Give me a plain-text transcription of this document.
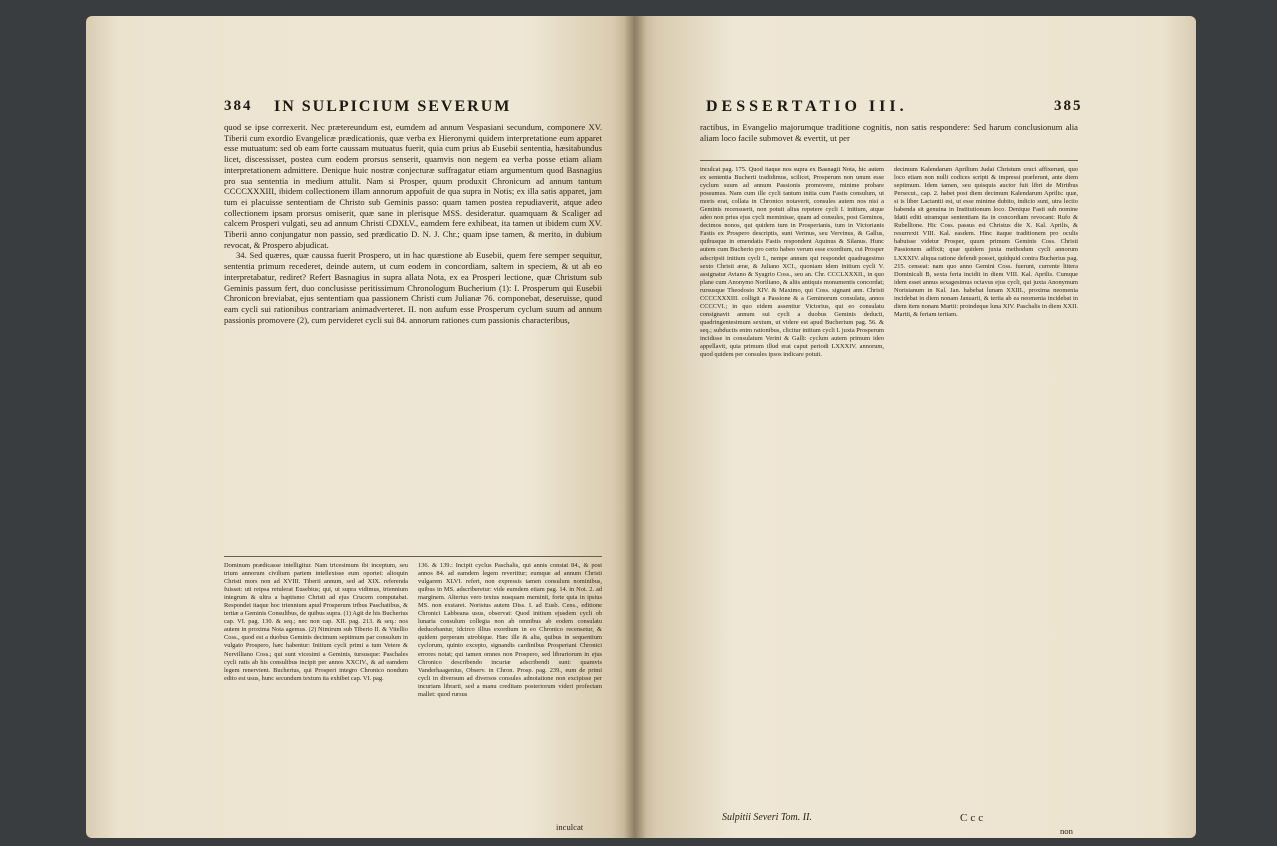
384 IN SULPICIUM SEVERUM

quod se ipse correxerit. Nec prætereundum est, eumdem ad annum Vespasiani secundum, componere XV. Tiberii cum exordio Evangelicæ prædicationis, quæ verba ex Hieronymi quidem interpretatione eum apparet esse mutuatum: sed ob eam forte caussam mutuatus fuerit, quia cum prius ab Eusebii sententia, hæsitabundus licet, discessisset, postea cum eodem prorsus senserit, quamvis non negem ea verba posse etiam aliam interpretationem admittere. Denique huic nostræ conjecturæ suffragatur etiam argumentum quod Basnagius pro sua sententia in medium attulit. Nam si Prosper, quum produxit Chronicum ad annum tantum CCCCXXXIII, ibidem collectionem illam annorum appofuit de qua supra in Notis; ex illa satis apparet, jam tum ei placuisse sententiam de Christo sub Geminis passo: quam tamen postea repudiaverit, atque adeo collectionem ipsam prorsus omiserit, quæ sane in plerisque MSS. desideratur. quamquam & Scaliger ad calcem Prosperi vulgati, seu ad annum Christi CDXLV., eamdem fere exhibeat, ita tamen ut ibidem cum XV. Tiberii anno conjungatur non passio, sed prædicatio D. N. J. Chr.; quam ipse tamen, & merito, in dubium revocat, & Prospero abjudicat.

34. Sed quæres, quæ caussa fuerit Prospero, ut in hac quæstione ab Eusebii, quem fere semper sequitur, sententia primum recederet, deinde autem, ut cum eodem in concordiam, saltem in speciem, & ut ab eo interpretabatur, rediret? Refert Basnagius in supra allata Nota, ex ea Prosperi lectione, quæ Christum sub Geminis passum fert, duo conclusisse peritissimum Chronologum Bucherium (1): I. Prosperum qui Eusebii Chronicon breviabat, ejus sententiam qua passionem Christi cum Julianæ 76. componebat, deseruisse, quod eam cycli sui rationibus contrariam animadverteret. II. non aufum esse Prosperum cyclum suum ad annum passionis promovere (2), cum pervideret cycli sui 84. annorum rationes cum passionis characteribus,

Dominum prædicasse intelligitur. Nam tricesimum ibi inceptum, seu trium annorum civilium partem intellexisse eum oportet: alioquin Christi mors non ad XVIII. Tiberii annum, sed ad XIX. referenda fuisset: uti reipsa retulerat Eusebius; qui, ut supra vidimus, triennium integrum & ultra a baptismo Christi ad ejus Crucem computabat. Respondet itaque hoc triennium apud Prosperum tribus Paschatibus, & tertiæ a Geminis Consulibus, de quibus supra. (1) Agit de his Bucherius cap. VI. pag. 130. & seq.; nec non cap. XII. pag. 213. & seq.: nos autem in proxima Nota agemus. (2) Nimirum sub Tiberio II. & Vitellio Coss., quod est a duobus Geminis decimum septimum par consulum in vulgato Prospero, hæc habentur: Initium cycli primi a tum Vetere & Nervilliano Coss.; qui sunt vicesimi a Geminis, tursusque: Paschales cycli ratis ab his consulibus incipit per annos XXCIV., & ad eamdem legem renervient. Bucherius, qui Prosperi integro Chronico nondum edito est usus, hunc secundum textum ita exhibet cap. VI. pag.
136. & 139.: Incipit cyclus Paschalis, qui annis constat 84., & post annos 84. ad eamdem legem revertitur; eumque ad annum Christi vulgarem XLVI. refert, non expressis tamen consulum nominibus, quibus in MS. adscriberetur: vide eumdem etiam pag. 14. in Not. 2. ad marginem. Alterius vero textus nusquam meminit, forte quia in ipsius MS. non exstaret. Noristus autem Diss. I. ad Eusb. Cens., editione Chronici Labbeana usus, observat: Quod initium ejusdem cycli ob lunaria consulum collegia non ab omnibus ab eodem consulatu deducebantur, idcirco illius exordium in eo Chronico recensetur, & quidem perperam utrobique. Hæc ille & alia, quibus in sequentium cyclorum, quinto excepto, signandis cardinibus Prosperiani Chronici errores notat; qui tamen omnes non Prospero, sed librariorum in ejus Chronico describendo incuriæ adscribendi sunt: quamvis Vanderhaagenius, Observ. in Chron. Prosp. pag. 239., eum de primi cycli in diversum ad diversos consules adnotatione non excipisse per incuriam librarii, sed a manu creditam posteriorum videri profectam mallet: quod rursus
inculcat
DESSERTATIO III.	385

ractibus, in Evangelio majorumque traditione cognitis, non satis respondere: Sed harum conclusionum alia aliam loco facile submovet & evertit, ut per

inculcat pag. 175. Quod itaque nos supra ex Basnagii Nota, hic autem ex sententia Bucherii tradidimus, scilicet, Prosperum non unum esse cyclum suum ad annum Passionis promovere, minime probare possumus. Nam cum ille cycli tantum initia cum Fastis consulum, ut moris erat, collata in Chronico notaverit, consules autem nos nisi a Geminis recensuerit, non potuit alius repetere cycli I. initium, atque adeo non prius ejus cycli meminisse, quam ad consules, post Geminos, decimos nonos, qui quidem tum in Prosperianis, tum in Victorianis Fastis ex Prospero descriptis, sunt Verinus, seu Vervinus, & Gallus, quibusque in emendatis Fastis respondent Aquinus & Silanus. Hunc autem cum Bucherio pro certo habeo verum esse exordium, cui Prosper adscripsit initium cycli I., nempe annum qui respondet quadragesimo sexto Christi æræ, & Juliano XCI., quoniam idem initium cycli V. assignatur Aviano & Syagrio Coss., seu an. Chr. CCCLXXXII., in quo plane cum Anonymo Noriliano, & aliis antiquis monumentis concordat; rursusque Theodosio XIV. & Maximo, qui Coss. signant ann. Christi CCCCXXXIII. colligit a Passione & a Geminorum consulatu, annos CCCCVI.; in quo eidem assentiur Victorius, qui eo consulatu consignavit annum sui cycli a duobus Geminis deducti, quadringentesimum sextum, ut videre est apud Bucherium pag. 56. & seq.; subductis enim rationibus, clicitur initium cycli I. juxta Prosperum incidisse in consulatum Verini & Galli: cyclum autem primum ideo appellavit, quia primum illud erat caput periodi LXXXIV. annorum, quod quidem per consules ipsos indicare potuit.
decimum Kalendarum Aprilium Judai Christum cruci affixerunt, quo loco etiam non nulli codices scripti & impressi præferunt, ante diem septimum. Idem tamen, seu quisquis auctor fuit libri de Mirtibus Persecut., cap. 2. habet post diem decimum Kalendarum Aprilis: quæ, si is liber Lactantii est, ut esse minime dubito, indicio sunt, utra lectio habenda sit genuina in Institutionum loco. Denique Fasti sub nomine Idatii editi utramque sententiam ita in concordiam revocant: Rufo & Rubellione. Hic Coss. passus est Christus die X. Kal. Aprilis, & resurrexit VIII. Kal. easdem. Hinc itaque traditionem pro oculis habuisse videtur Prosper, quum primum Geminis Coss. Christi Passionem adfixit; quæ quidem juxta methodum cycli annorum LXXXIV. aliqua ratione defendi posset, quidquid contra Bucherius pag. 215. censeat: nam quo anno Gemini Coss. fuerunt, currente littera Dominicali B, sexta feria incidit in diem VIII. Kal. Aprilis. Cumque idem esset annus sexagesimus octavus ejus cycli, qui juxta Anonymum Norisianum in Kal. Jan. habebat lunam XXIII., proxima neomenia incidebat in diem nonam Januarii, & tertia ab ea neomenia incidebat in diem item nonam Martii: proindeque luna XIV. Paschalis in diem XXII. Martii, & feriam tertiam.
Sulpitii Severi Tom. II.	Ccc
non
